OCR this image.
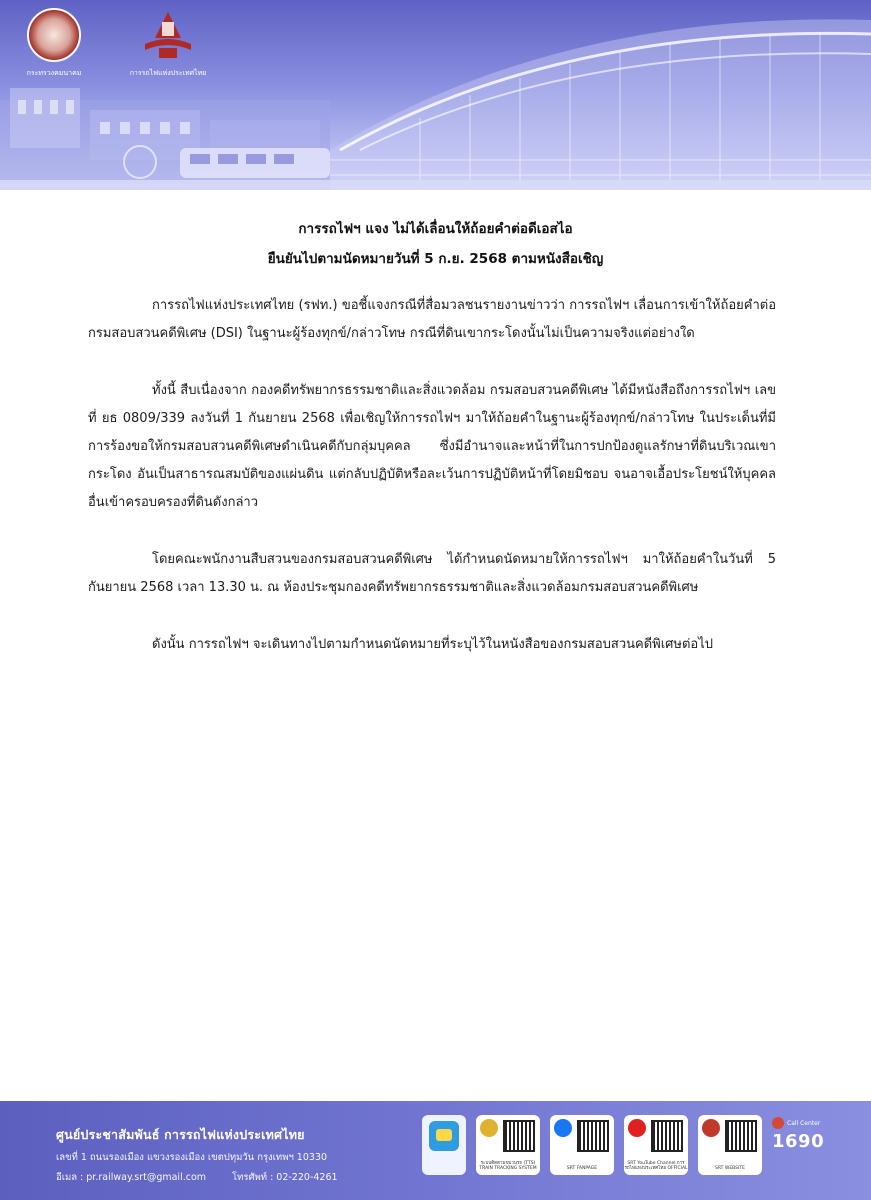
กระทรวงคมนาคม	การรถไฟแห่งประเทศไทย
การรถไฟฯ แจง ไม่ได้เลื่อนให้ถ้อยคำต่อดีเอสไอ
ยืนยันไปตามนัดหมายวันที่ 5 ก.ย. 2568 ตามหนังสือเชิญ

การรถไฟแห่งประเทศไทย (รฟท.) ขอชี้แจงกรณีที่สื่อมวลชนรายงานข่าวว่า การรถไฟฯ เลื่อนการเข้าให้ถ้อยคำต่อกรมสอบสวนคดีพิเศษ (DSI) ในฐานะผู้ร้องทุกข์/กล่าวโทษ กรณีที่ดินเขากระโดงนั้นไม่เป็นความจริงแต่อย่างใด

ทั้งนี้ สืบเนื่องจาก กองคดีทรัพยากรธรรมชาติและสิ่งแวดล้อม กรมสอบสวนคดีพิเศษ ได้มีหนังสือถึงการรถไฟฯ เลขที่ ยธ 0809/339 ลงวันที่ 1 กันยายน 2568 เพื่อเชิญให้การรถไฟฯ มาให้ถ้อยคำในฐานะผู้ร้องทุกข์/กล่าวโทษ ในประเด็นที่มีการร้องขอให้กรมสอบสวนคดีพิเศษดำเนินคดีกับกลุ่มบุคคล ซึ่งมีอำนาจและหน้าที่ในการปกป้องดูแลรักษาที่ดินบริเวณเขากระโดง อันเป็นสาธารณสมบัติของแผ่นดิน แต่กลับปฏิบัติหรือละเว้นการปฏิบัติหน้าที่โดยมิชอบ จนอาจเอื้อประโยชน์ให้บุคคลอื่นเข้าครอบครองที่ดินดังกล่าว

โดยคณะพนักงานสืบสวนของกรมสอบสวนคดีพิเศษ ได้กำหนดนัดหมายให้การรถไฟฯ มาให้ถ้อยคำในวันที่ 5 กันยายน 2568 เวลา 13.30 น. ณ ห้องประชุมกองคดีทรัพยากรธรรมชาติและสิ่งแวดล้อมกรมสอบสวนคดีพิเศษ

ดังนั้น การรถไฟฯ จะเดินทางไปตามกำหนดนัดหมายที่ระบุไว้ในหนังสือของกรมสอบสวนคดีพิเศษต่อไป

ศูนย์ประชาสัมพันธ์ การรถไฟแห่งประเทศไทย
เลขที่ 1 ถนนรองเมือง แขวงรองเมือง เขตปทุมวัน กรุงเทพฯ 10330
อีเมล : pr.railway.srt@gmail.com	โทรศัพท์ : 02-220-4261
ระบบติดตามขบวนรถ (TTS) TRAIN TRACKING SYSTEM	SRT FANPAGE
SRT YouTube Channel การรถไฟแห่งประเทศไทย OFFICIAL	SRT WEBSITE
Call Center
1690
